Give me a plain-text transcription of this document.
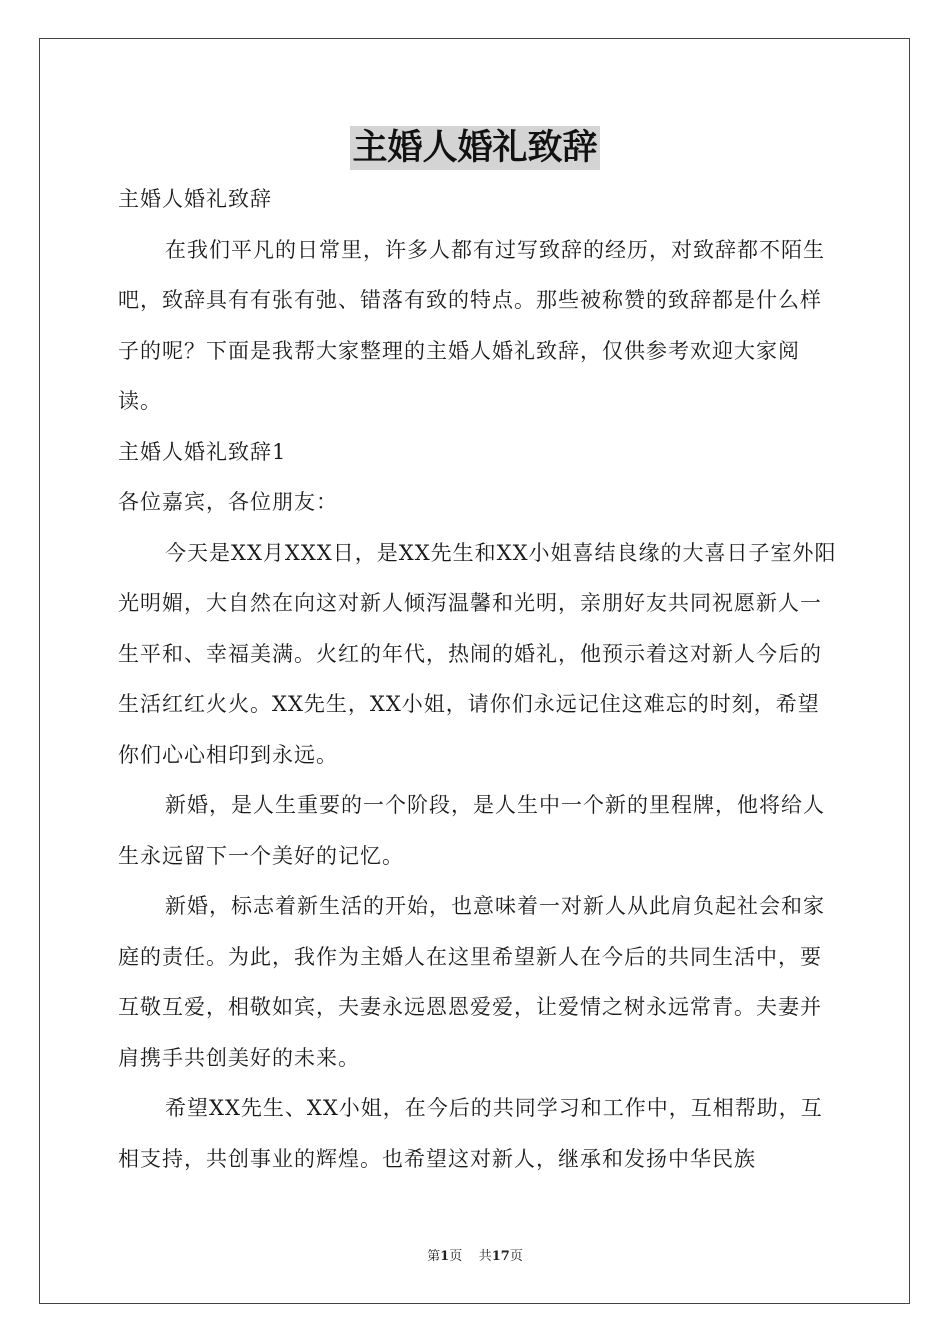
主婚人婚礼致辞

主婚人婚礼致辞

在我们平凡的日常里，许多人都有过写致辞的经历，对致辞都不陌生吧，致辞具有有张有弛、错落有致的特点。那些被称赞的致辞都是什么样子的呢？下面是我帮大家整理的主婚人婚礼致辞，仅供参考欢迎大家阅读。

主婚人婚礼致辞1

各位嘉宾，各位朋友：

今天是XX月XXX日，是XX先生和XX小姐喜结良缘的大喜日子室外阳光明媚，大自然在向这对新人倾泻温馨和光明，亲朋好友共同祝愿新人一生平和、幸福美满。火红的年代，热闹的婚礼，他预示着这对新人今后的生活红红火火。XX先生，XX小姐，请你们永远记住这难忘的时刻，希望你们心心相印到永远。

新婚，是人生重要的一个阶段，是人生中一个新的里程牌，他将给人生永远留下一个美好的记忆。

新婚，标志着新生活的开始，也意味着一对新人从此肩负起社会和家庭的责任。为此，我作为主婚人在这里希望新人在今后的共同生活中，要互敬互爱，相敬如宾，夫妻永远恩恩爱爱，让爱情之树永远常青。夫妻并肩携手共创美好的未来。

希望XX先生、XX小姐，在今后的共同学习和工作中，互相帮助，互相支持，共创事业的辉煌。也希望这对新人，继承和发扬中华民族

第1页 共17页
